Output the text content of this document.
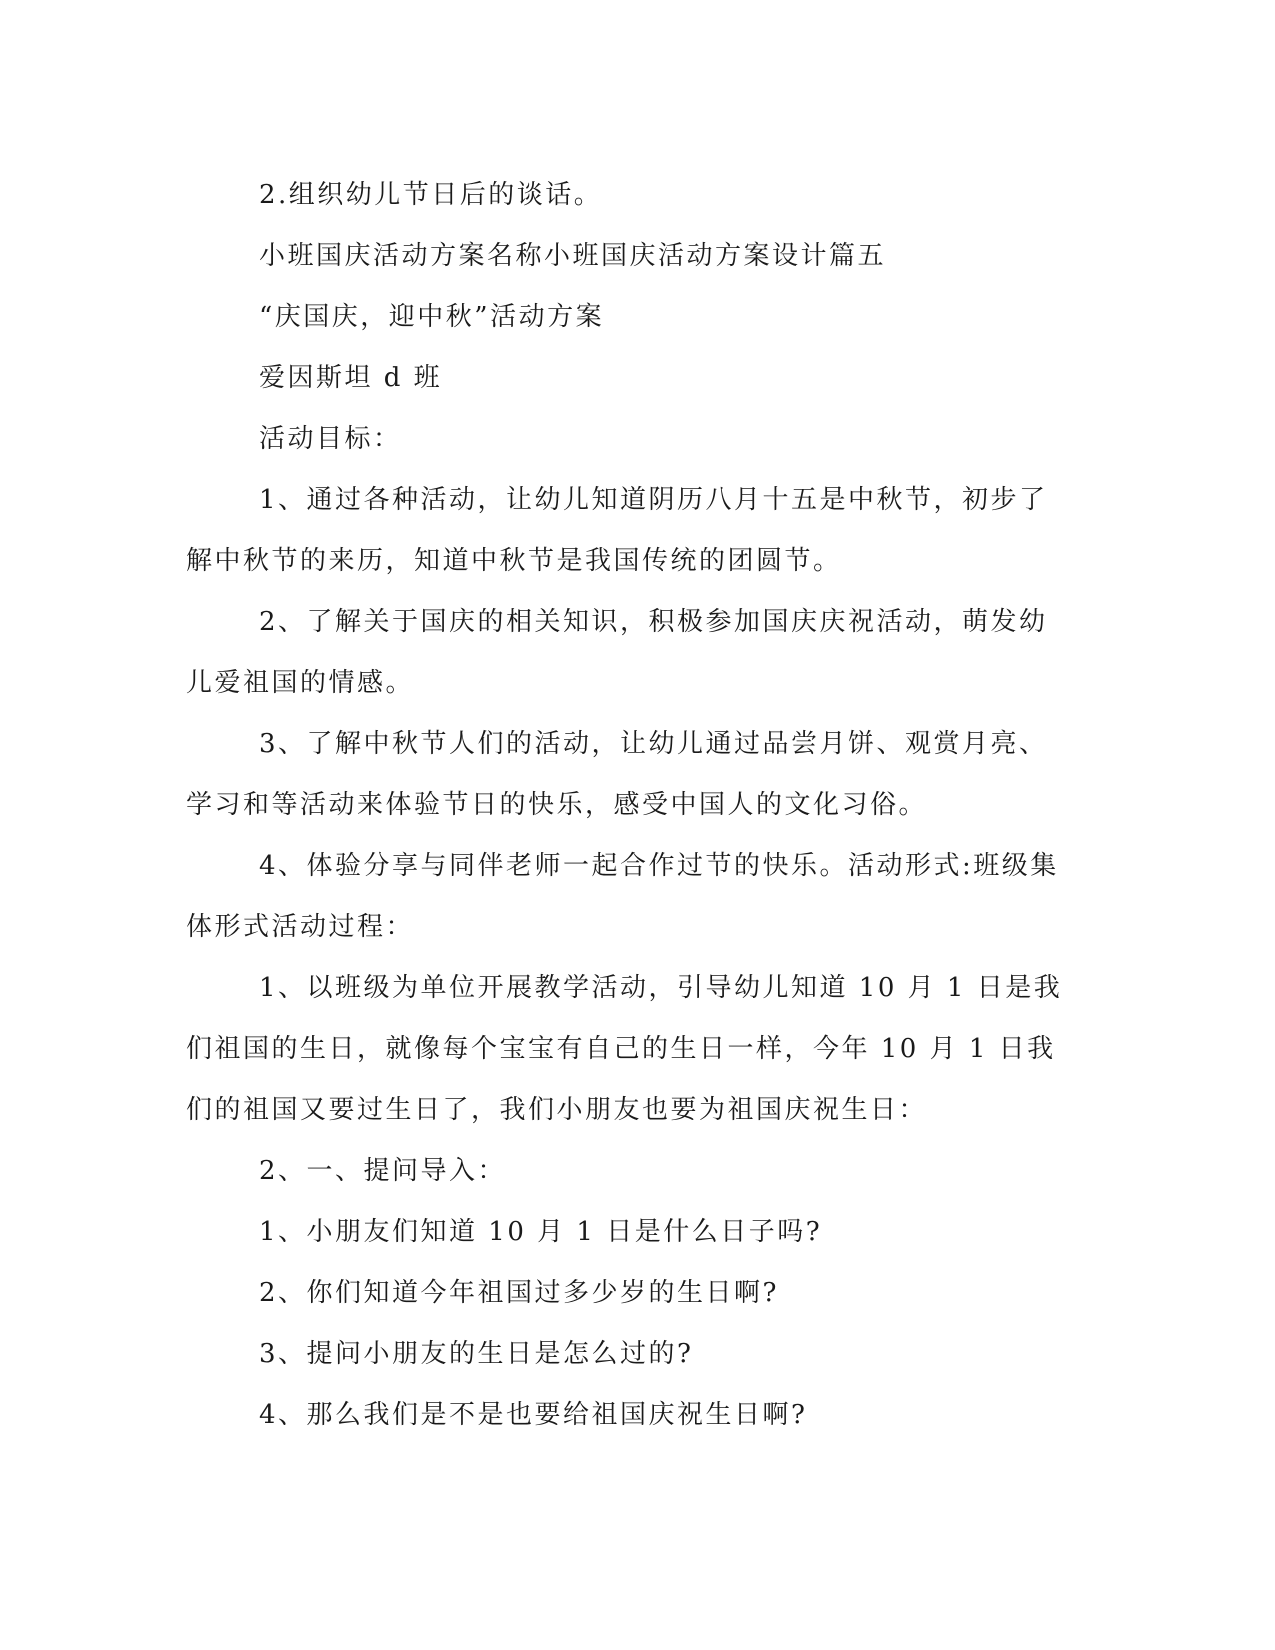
2.组织幼儿节日后的谈话。

小班国庆活动方案名称小班国庆活动方案设计篇五

“庆国庆，迎中秋”活动方案

爱因斯坦 d 班

活动目标：

1、通过各种活动，让幼儿知道阴历八月十五是中秋节，初步了解中秋节的来历，知道中秋节是我国传统的团圆节。

2、了解关于国庆的相关知识，积极参加国庆庆祝活动，萌发幼儿爱祖国的情感。

3、了解中秋节人们的活动，让幼儿通过品尝月饼、观赏月亮、学习和等活动来体验节日的快乐，感受中国人的文化习俗。

4、体验分享与同伴老师一起合作过节的快乐。活动形式:班级集体形式活动过程：

1、以班级为单位开展教学活动，引导幼儿知道 10 月 1 日是我们祖国的生日，就像每个宝宝有自己的生日一样，今年 10 月 1 日我们的祖国又要过生日了，我们小朋友也要为祖国庆祝生日：

2、一、提问导入：

1、小朋友们知道 10 月 1 日是什么日子吗?

2、你们知道今年祖国过多少岁的生日啊?

3、提问小朋友的生日是怎么过的?

4、那么我们是不是也要给祖国庆祝生日啊?
